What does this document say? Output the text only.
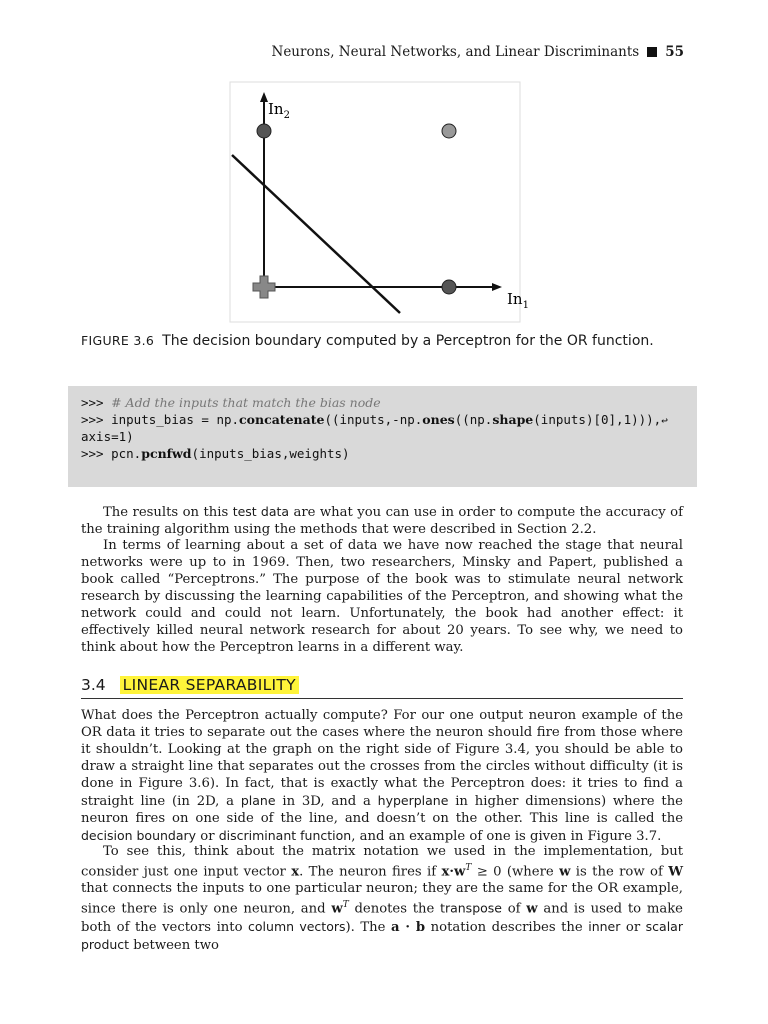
Neurons, Neural Networks, and Linear Discriminants 55
$In_2$
$In_1$
FIGURE 3.6 The decision boundary computed by a Perceptron for the OR function.
>>> # Add the inputs that match the bias node
>>> inputs_bias = np.concatenate((inputs,-np.ones((np.shape(inputs)[0],1))),↩
axis=1)
>>> pcn.pcnfwd(inputs_bias,weights)

The results on this test data are what you can use in order to compute the accuracy of the training algorithm using the methods that were described in Section 2.2.

In terms of learning about a set of data we have now reached the stage that neural networks were up to in 1969. Then, two researchers, Minsky and Papert, published a book called “Perceptrons.” The purpose of the book was to stimulate neural network research by discussing the learning capabilities of the Perceptron, and showing what the network could and could not learn. Unfortunately, the book had another effect: it effectively killed neural network research for about 20 years. To see why, we need to think about how the Perceptron learns in a different way.

3.4 LINEAR SEPARABILITY

What does the Perceptron actually compute? For our one output neuron example of the OR data it tries to separate out the cases where the neuron should fire from those where it shouldn’t. Looking at the graph on the right side of Figure 3.4, you should be able to draw a straight line that separates out the crosses from the circles without difficulty (it is done in Figure 3.6). In fact, that is exactly what the Perceptron does: it tries to find a straight line (in 2D, a plane in 3D, and a hyperplane in higher dimensions) where the neuron fires on one side of the line, and doesn’t on the other. This line is called the decision boundary or discriminant function, and an example of one is given in Figure 3.7.

To see this, think about the matrix notation we used in the implementation, but consider just one input vector x. The neuron fires if $x\cdot w^T \ge 0$ (where w is the row of W that connects the inputs to one particular neuron; they are the same for the OR example, since there is only one neuron, and $w^T$ denotes the transpose of w and is used to make both of the vectors into column vectors). The a · b notation describes the inner or scalar product between two
